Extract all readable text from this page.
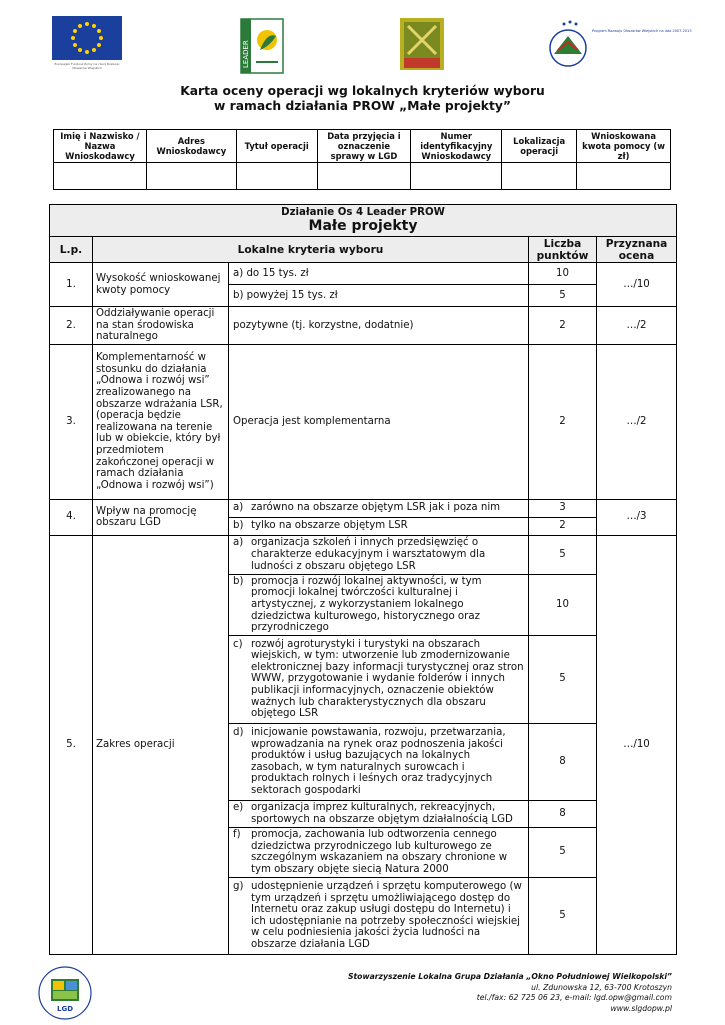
Europejski Fundusz Rolny na rzecz Rozwoju Obszarów Wiejskich	LEADER
Program Rozwoju Obszarów Wiejskich na lata 2007-2013
Karta oceny operacji wg lokalnych kryteriów wyboru
w ramach działania PROW „Małe projekty”
Imię i Nazwisko / Nazwa Wnioskodawcy	Adres Wnioskodawcy	Tytuł operacji	Data przyjęcia i oznaczenie sprawy w LGD	Numer identyfikacyjny Wnioskodawcy	Lokalizacja operacji	Wnioskowana kwota pomocy (w zł)

Działanie Os 4 Leader PROW
Małe projekty				

L.p.	Lokalne kryteria wyboru		Liczba punktów	Przyznana ocena
1.	Wysokość wnioskowanej kwoty pomocy	a) do 15 tys. zł	10	…/10
		b) powyżej 15 tys. zł	5	
2.	Oddziaływanie operacji na stan środowiska naturalnego	pozytywne (tj. korzystne, dodatnie)	2	…/2
3.	Komplementarność w stosunku do działania „Odnowa i rozwój wsi” zrealizowanego na obszarze wdrażania LSR, (operacja będzie realizowana na terenie lub w obiekcie, który był przedmiotem zakończonej operacji w ramach działania „Odnowa i rozwój wsi”)	Operacja jest komplementarna	2	…/2
4.	Wpływ na promocję obszaru LGD	a) zarówno na obszarze objętym LSR jak i poza nim	3	…/3

		b) tylko na obszarze objętym LSR	2	
5.	Zakres operacji	a) organizacja szkoleń i innych przedsięwzięć o charakterze edukacyjnym i warsztatowym dla ludności z obszaru objętego LSR	5	…/10

		b) promocja i rozwój lokalnej aktywności, w tym promocji lokalnej twórczości kulturalnej i artystycznej, z wykorzystaniem lokalnego dziedzictwa kulturowego, historycznego oraz przyrodniczego	10	

		c) rozwój agroturystyki i turystyki na obszarach wiejskich, w tym: utworzenie lub zmodernizowanie elektronicznej bazy informacji turystycznej oraz stron WWW, przygotowanie i wydanie folderów i innych publikacji informacyjnych, oznaczenie obiektów ważnych lub charakterystycznych dla obszaru objętego LSR	5	

		d) inicjowanie powstawania, rozwoju, przetwarzania, wprowadzania na rynek oraz podnoszenia jakości produktów i usług bazujących na lokalnych zasobach, w tym naturalnych surowcach i produktach rolnych i leśnych oraz tradycyjnych sektorach gospodarki	8	

		e) organizacja imprez kulturalnych, rekreacyjnych, sportowych na obszarze objętym działalnością LGD	8	

		f) promocja, zachowania lub odtworzenia cennego dziedzictwa przyrodniczego lub kulturowego ze szczególnym wskazaniem na obszary chronione w tym obszary objęte siecią Natura 2000	5	

		g) udostępnienie urządzeń i sprzętu komputerowego (w tym urządzeń i sprzętu umożliwiającego dostęp do Internetu oraz zakup usługi dostępu do Internetu) i ich udostępnianie na potrzeby społeczności wiejskiej w celu podniesienia jakości życia ludności na obszarze działania LGD	5	
LGD
Stowarzyszenie Lokalna Grupa Działania „Okno Południowej Wielkopolski”
ul. Zdunowska 12, 63-700 Krotoszyn
tel./fax: 62 725 06 23, e-mail: lgd.opw@gmail.com
www.slgdopw.pl
